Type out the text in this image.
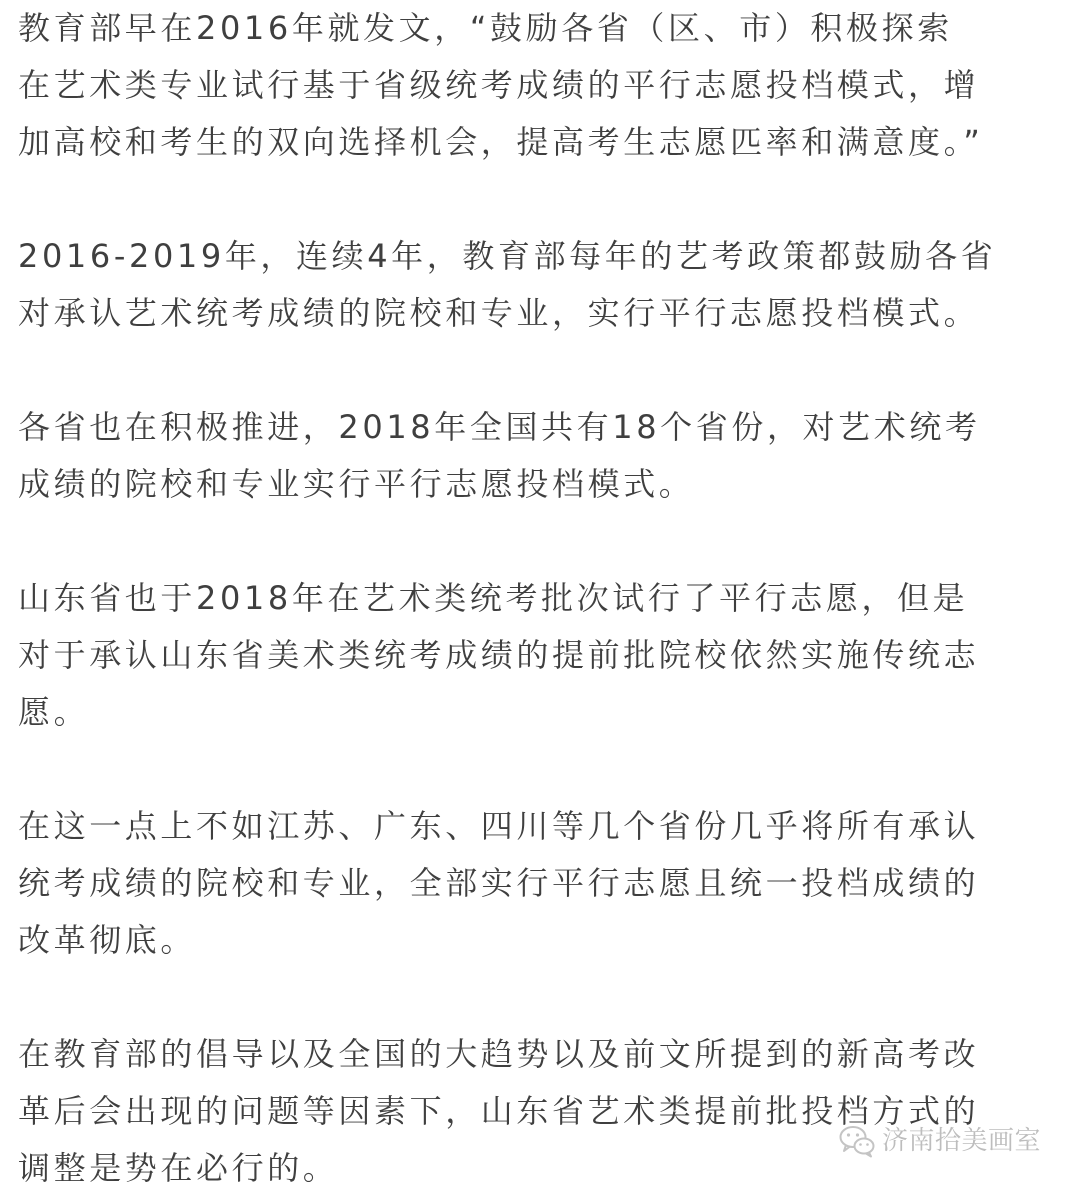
教育部早在2016年就发文，“鼓励各省（区、市）积极探索
在艺术类专业试行基于省级统考成绩的平行志愿投档模式，增
加高校和考生的双向选择机会，提高考生志愿匹率和满意度。”
2016-2019年，连续4年，教育部每年的艺考政策都鼓励各省
对承认艺术统考成绩的院校和专业，实行平行志愿投档模式。
各省也在积极推进，2018年全国共有18个省份，对艺术统考
成绩的院校和专业实行平行志愿投档模式。
山东省也于2018年在艺术类统考批次试行了平行志愿，但是
对于承认山东省美术类统考成绩的提前批院校依然实施传统志
愿。
在这一点上不如江苏、广东、四川等几个省份几乎将所有承认
统考成绩的院校和专业，全部实行平行志愿且统一投档成绩的
改革彻底。
在教育部的倡导以及全国的大趋势以及前文所提到的新高考改
革后会出现的问题等因素下，山东省艺术类提前批投档方式的
调整是势在必行的。
济南拾美画室
